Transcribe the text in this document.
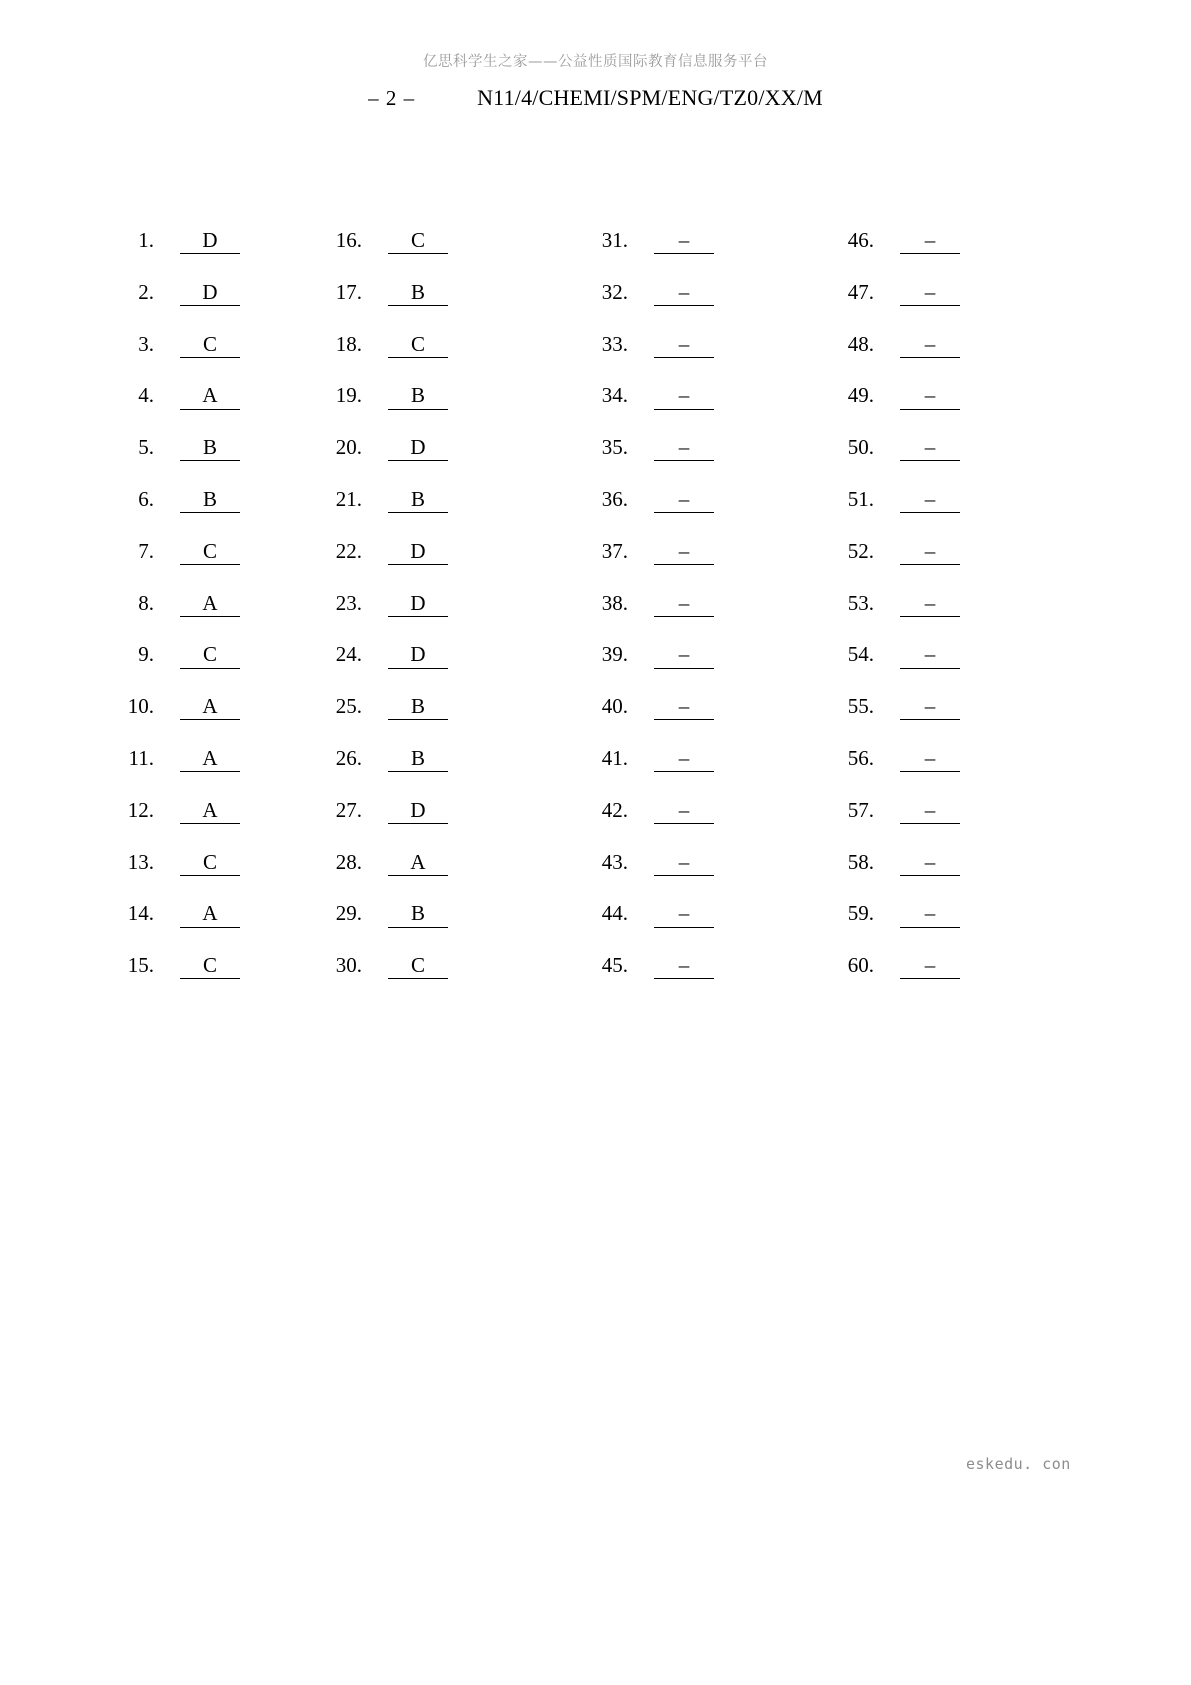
亿思科学生之家——公益性质国际教育信息服务平台
– 2 –	N11/4/CHEMI/SPM/ENG/TZ0/XX/M
1.	D
2.	D
3.	C
4.	A
5.	B
6.	B
7.	C
8.	A
9.	C
10.	A
11.	A
12.	A
13.	C
14.	A
15.	C
16.	C
17.	B
18.	C
19.	B
20.	D
21.	B
22.	D
23.	D
24.	D
25.	B
26.	B
27.	D
28.	A
29.	B
30.	C
31.	–
32.	–
33.	–
34.	–
35.	–
36.	–
37.	–
38.	–
39.	–
40.	–
41.	–
42.	–
43.	–
44.	–
45.	–
46.	–
47.	–
48.	–
49.	–
50.	–
51.	–
52.	–
53.	–
54.	–
55.	–
56.	–
57.	–
58.	–
59.	–
60.	–
eskedu. con
